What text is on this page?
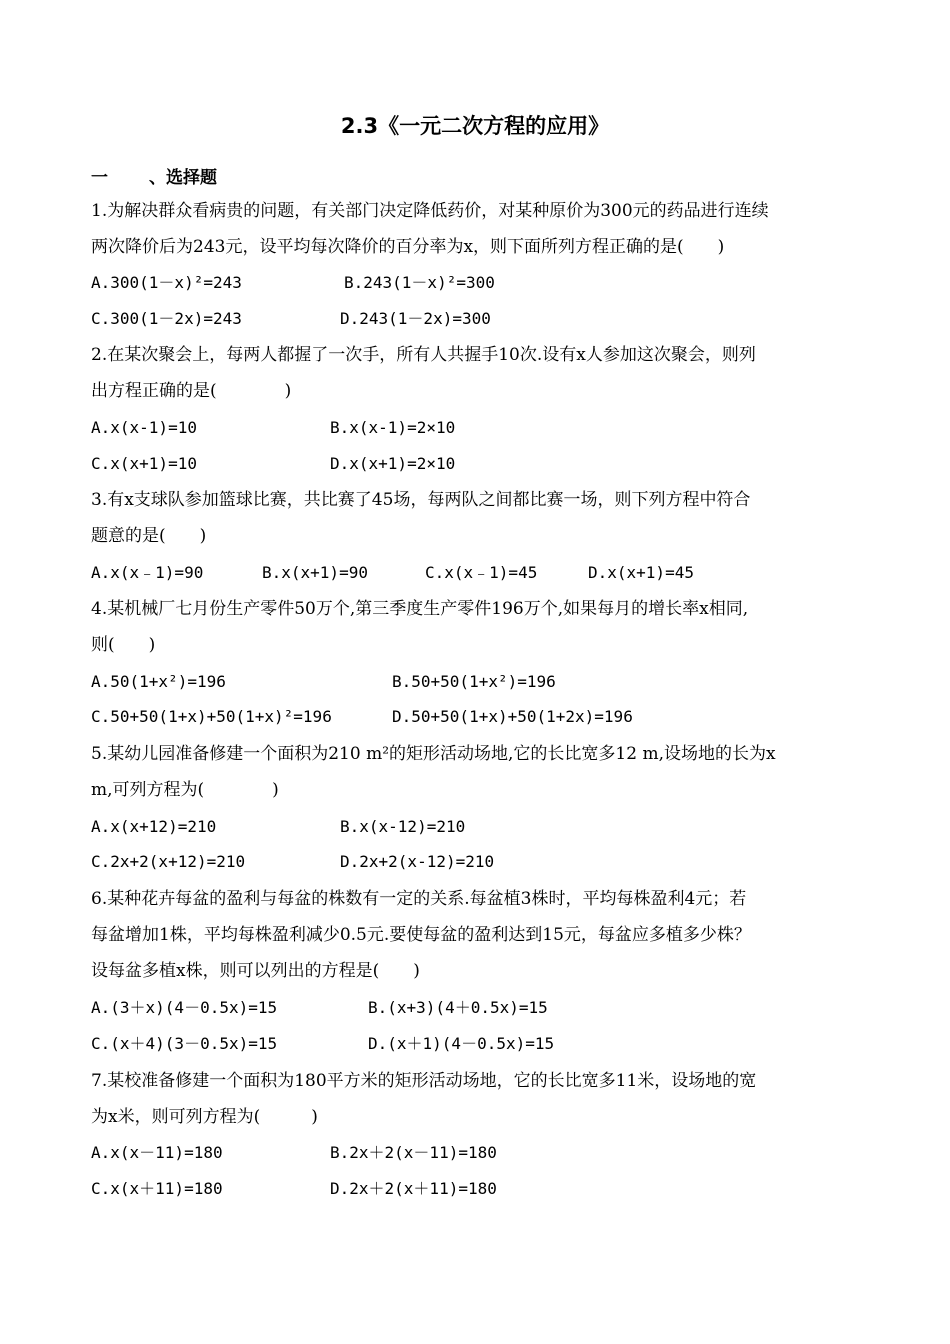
2.3《一元二次方程的应用》
一	、选择题
1.为解决群众看病贵的问题，有关部门决定降低药价，对某种原价为300元的药品进行连续
两次降价后为243元，设平均每次降价的百分率为x，则下面所列方程正确的是(　　)
A.300(1－x)²=243	B.243(1－x)²=300
C.300(1－2x)=243	D.243(1－2x)=300
2.在某次聚会上，每两人都握了一次手，所有人共握手10次.设有x人参加这次聚会，则列
出方程正确的是(　　　　)
A.x(x-1)=10	B.x(x-1)=2×10
C.x(x+1)=10	D.x(x+1)=2×10
3.有x支球队参加篮球比赛，共比赛了45场，每两队之间都比赛一场，则下列方程中符合
题意的是(　　)
A.x(x﹣1)=90	B.x(x+1)=90	C.x(x﹣1)=45	D.x(x+1)=45
4.某机械厂七月份生产零件50万个,第三季度生产零件196万个,如果每月的增长率x相同,
则(　　)
A.50(1+x²)=196	B.50+50(1+x²)=196
C.50+50(1+x)+50(1+x)²=196	D.50+50(1+x)+50(1+2x)=196
5.某幼儿园准备修建一个面积为210 m²的矩形活动场地,它的长比宽多12 m,设场地的长为x
m,可列方程为(　　　　)
A.x(x+12)=210	B.x(x-12)=210
C.2x+2(x+12)=210	D.2x+2(x-12)=210
6.某种花卉每盆的盈利与每盆的株数有一定的关系.每盆植3株时，平均每株盈利4元；若
每盆增加1株，平均每株盈利减少0.5元.要使每盆的盈利达到15元，每盆应多植多少株？
设每盆多植x株，则可以列出的方程是(　　)
A.(3＋x)(4－0.5x)=15	B.(x+3)(4＋0.5x)=15
C.(x＋4)(3－0.5x)=15	D.(x＋1)(4－0.5x)=15
7.某校准备修建一个面积为180平方米的矩形活动场地，它的长比宽多11米，设场地的宽
为x米，则可列方程为(　　　)
A.x(x－11)=180	B.2x＋2(x－11)=180
C.x(x＋11)=180	D.2x＋2(x＋11)=180
